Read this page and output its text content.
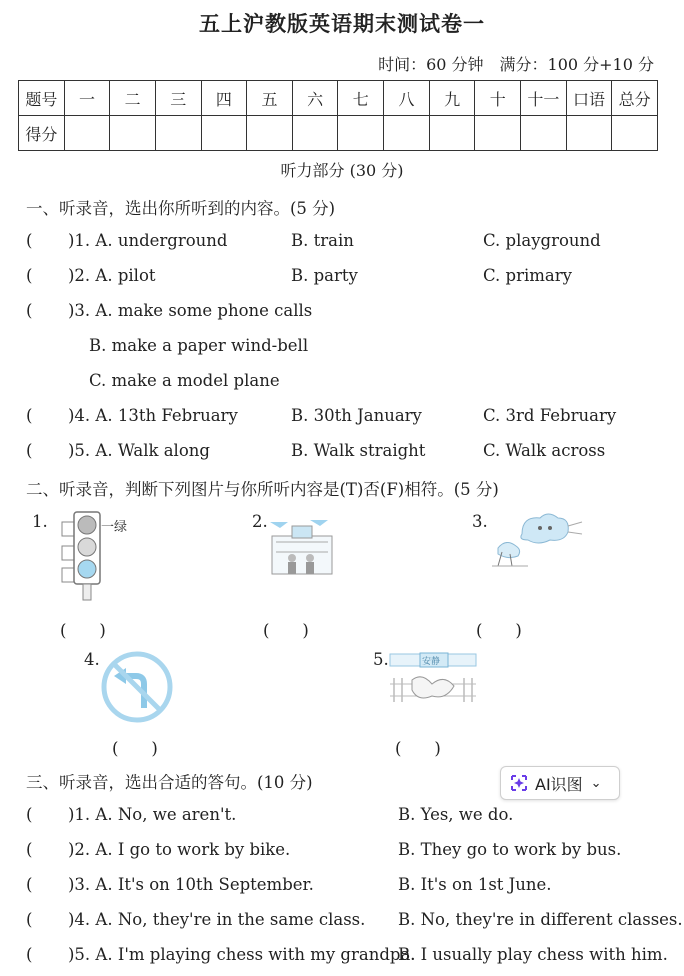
五上沪教版英语期末测试卷一
时间：60 分钟　满分：100 分+10 分
题号	一	二	三	四	五	六	七	八	九	十	十一	口语	总分
得分													
听力部分 (30 分)
一、听录音，选出你所听到的内容。(5 分)
( )1. A. underground	B. train	C. playground
( )2. A. pilot	B. party	C. primary
( )3. A. make some phone calls
B. make a paper wind-bell
C. make a model plane
( )4. A. 13th February	B. 30th January	C. 3rd February
( )5. A. Walk along	B. Walk straight	C. Walk across
二、听录音，判断下列图片与你所听内容是(T)否(F)相符。(5 分)
1.	一绿
(　　)
2.
(　　)
3.
(　　)
4.
(　　)
5.	安静
(　　)
三、听录音，选出合适的答句。(10 分)	AI识图 ⌄
( )1. A. No, we aren't.	B. Yes, we do.
( )2. A. I go to work by bike.	B. They go to work by bus.
( )3. A. It's on 10th September.	B. It's on 1st June.
( )4. A. No, they're in the same class. B. No, they're in different classes.
( )5. A. I'm playing chess with my grandpa.
B. I usually play chess with him.
